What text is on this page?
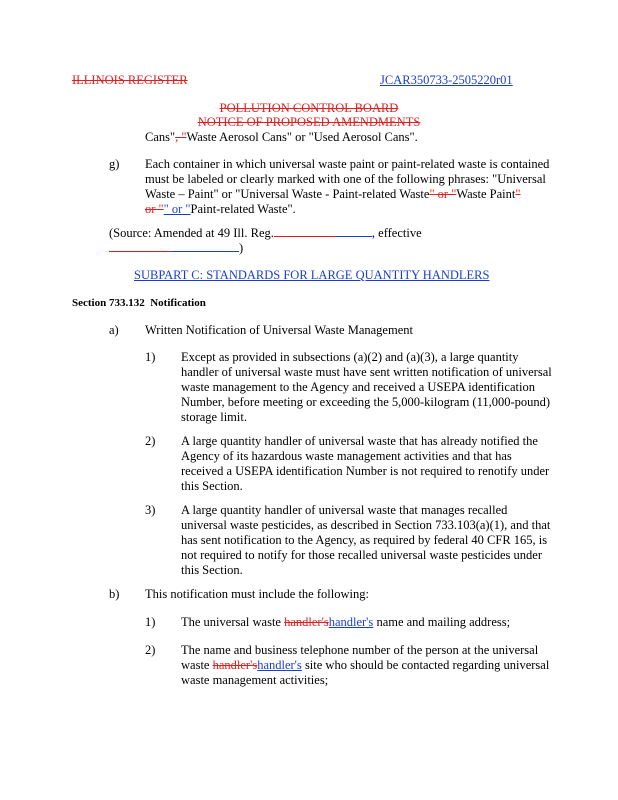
ILLINOIS REGISTER	JCAR350733-2505220r01
POLLUTION CONTROL BOARD
NOTICE OF PROPOSED AMENDMENTS
Cans", "Waste Aerosol Cans" or "Used Aerosol Cans".
g) Each container in which universal waste paint or paint-related waste is contained
must be labeled or clearly marked with one of the following phrases: "Universal
Waste – Paint" or "Universal Waste - Paint-related Waste" or "Waste Paint"
or "" or "Paint-related Waste".
(Source: Amended at 49 Ill. Reg.	, effective
)
SUBPART C: STANDARDS FOR LARGE QUANTITY HANDLERS
Section 733.132 Notification
a) Written Notification of Universal Waste Management
1) Except as provided in subsections (a)(2) and (a)(3), a large quantity
handler of universal waste must have sent written notification of universal
waste management to the Agency and received a USEPA identification
Number, before meeting or exceeding the 5,000-kilogram (11,000-pound)
storage limit.
2) A large quantity handler of universal waste that has already notified the
Agency of its hazardous waste management activities and that has
received a USEPA identification Number is not required to renotify under
this Section.
3) A large quantity handler of universal waste that manages recalled
universal waste pesticides, as described in Section 733.103(a)(1), and that
has sent notification to the Agency, as required by federal 40 CFR 165, is
not required to notify for those recalled universal waste pesticides under
this Section.
b) This notification must include the following:
1) The universal waste handler'shandler's name and mailing address;
2) The name and business telephone number of the person at the universal
waste handler'shandler's site who should be contacted regarding universal
waste management activities;
